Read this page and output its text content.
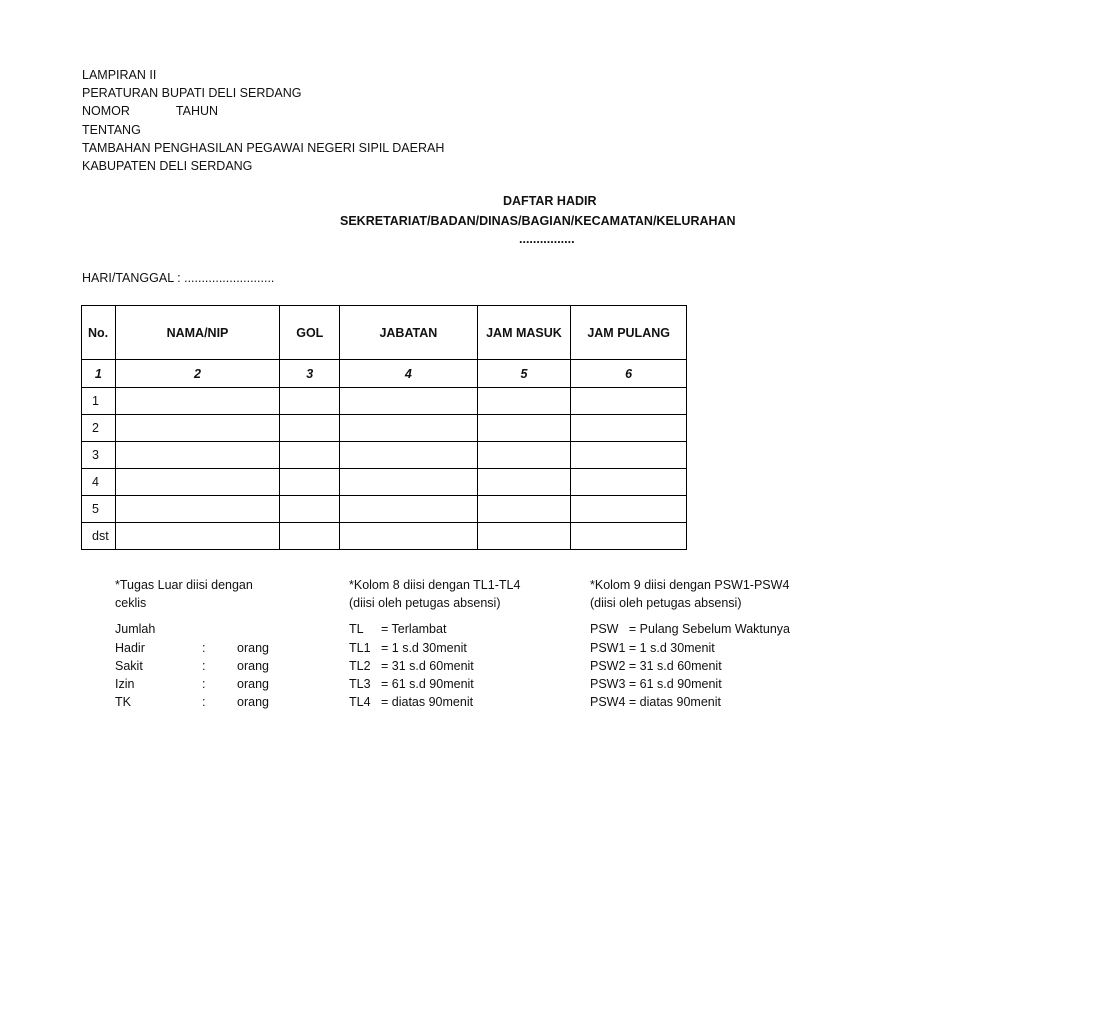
LAMPIRAN II
PERATURAN BUPATI DELI SERDANG
NOMOR	TAHUN
TENTANG
TAMBAHAN PENGHASILAN PEGAWAI NEGERI SIPIL DAERAH
KABUPATEN DELI SERDANG
DAFTAR HADIR
SEKRETARIAT/BADAN/DINAS/BAGIAN/KECAMATAN/KELURAHAN
................
HARI/TANGGAL : ..........................
No.	NAMA/NIP	GOL	JABATAN	JAM MASUK	JAM PULANG
1	2	3	4	5	6
1					
2					
3					
4					
5					
dst					
*Tugas Luar diisi dengan
ceklis
Jumlah
Hadir	:	orang
Sakit	:	orang
Izin	:	orang
TK	:	orang
*Kolom 8 diisi dengan TL1-TL4
(diisi oleh petugas absensi)
TL = Terlambat
TL1 = 1 s.d 30menit
TL2 = 31 s.d 60menit
TL3 = 61 s.d 90menit
TL4 = diatas 90menit
*Kolom 9 diisi dengan PSW1-PSW4
(diisi oleh petugas absensi)
PSW   = Pulang Sebelum Waktunya
PSW1 = 1 s.d 30menit
PSW2 = 31 s.d 60menit
PSW3 = 61 s.d 90menit
PSW4 = diatas 90menit
